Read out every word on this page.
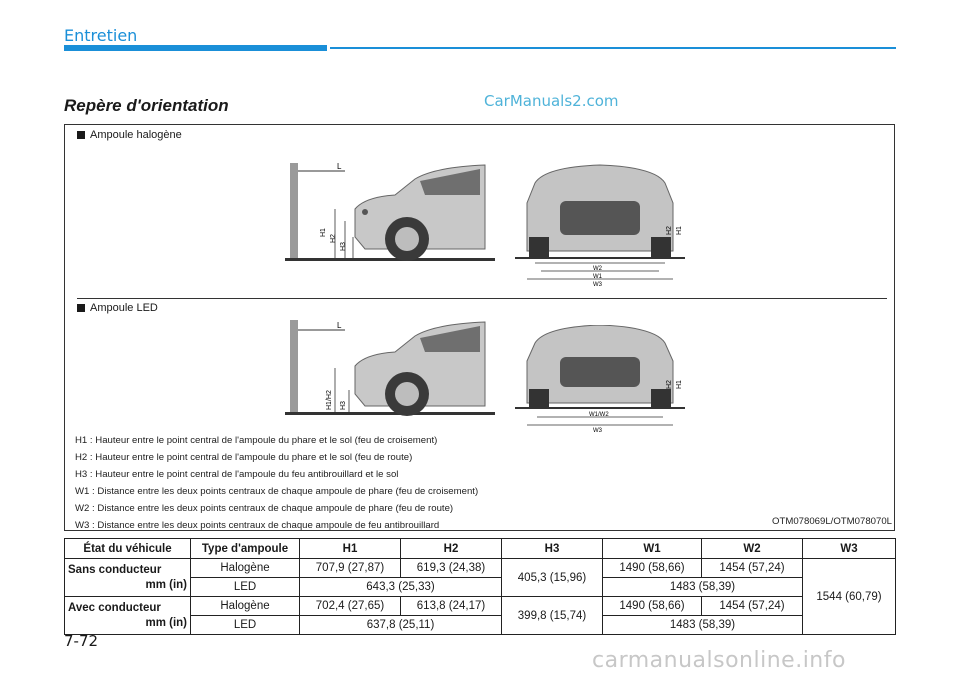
Entretien
Repère d'orientation	CarManuals2.com
Ampoule halogène
L
H1
H2
H3
W2
W1
W3
H1
H2
Ampoule LED
L
H1/H2 H3
W1/W2
W3
H1
H2
H1 : Hauteur entre le point central de l'ampoule du phare et le sol (feu de croisement)
H2 : Hauteur entre le point central de l'ampoule du phare et le sol (feu de route)
H3 : Hauteur entre le point central de l'ampoule du feu antibrouillard et le sol
W1 : Distance entre les deux points centraux de chaque ampoule de phare (feu de croisement)
W2 : Distance entre les deux points centraux de chaque ampoule de phare (feu de route)
W3 : Distance entre les deux points centraux de chaque ampoule de feu antibrouillard	OTM078069L/OTM078070L
État du véhicule	Type d'ampoule	H1	H2	H3	W1	W2	W3
Sans conducteur
mm (in)	Halogène	707,9 (27,87)	619,3 (24,38)	405,3 (15,96)	1490 (58,66)	1454 (57,24)	1544 (60,79)
	LED	643,3 (25,33)			1483 (58,39)		
Avec conducteur
mm (in)	Halogène	702,4 (27,65)	613,8 (24,17)	399,8 (15,74)	1490 (58,66)	1454 (57,24)	
	LED	637,8 (25,11)			1483 (58,39)		
7-72
carmanualsonline.info
